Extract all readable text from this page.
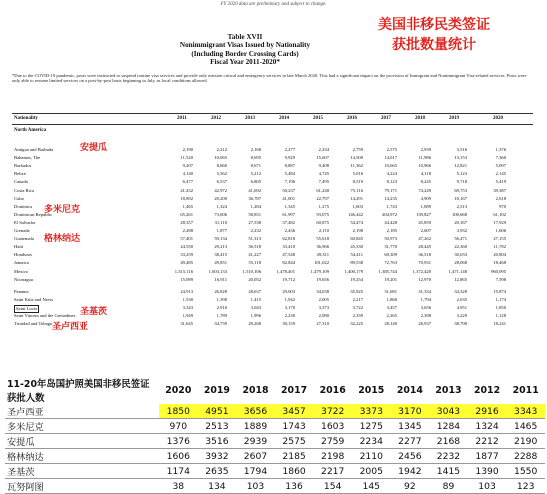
FY 2020 data are preliminary and subject to change.
Table XVII
Nonimmigrant Visas Issued by Nationality
(Including Border Crossing Cards)
Fiscal Year 2011-2020*
美国非移民类签证
获批数量统计
*Due to the COVID-19 pandemic, posts were instructed to suspend routine visa services and provide only mission critical and emergency services in late March 2020. This had a significant impact on the provision of Immigrant and Nonimmigrant Visa-related services. Posts were only able to resume limited services on a post-by-post basis beginning in July, as local conditions allowed.
Nationality	2011	2012	2013	2014	2015	2016	2017	2018	2019	2020
North America
Antigua and Barbuda	2,190	2,212	2,168	2,277	2,234	2,759	2,575	2,939	3,516	1,376
Bahamas, The	11,520	10,065	8,695	9,929	15,607	14,500	14,017	11,986	13,153	7,360
Barbados	9,207	8,660	8,671	8,887	9,408	11,362	10,665	10,966	12,821	5,097
Belize	4,140	5,562	5,212	5,484	4,745	5,016	4,224	4,118	5,123	2,145
Canada	6,477	6,537	6,805	7,196	7,495	8,519	8,123	8,245	9,718	5,419
Costa Rica	41,432	42,972	41,692	50,237	61,248	75,116	79,171	74,249	69,753	39,387
Cuba	18,892	20,200	36,787	41,001	22,797	14,291	14,235	4,909	10,167	2,618
Dominica	1,465	1,324	1,284	1,345	1,275	1,603	1,743	1,889	2,513	970
Dominican Republic	65,261	73,006	58,851	61,997	93,075	146,442	204,972	139,827	100,668	61,102
El Salvador	28,357	31,110	27,538	37,482	60,875	54,474	44,428	45,859	20,167	17,929
Grenada	2,288	1,877	2,232	2,436	2,110	2,198	2,185	2,607	3,932	1,606
Guatemala	57,401	59,134	51,313	62,818	55,618	60,845	50,973	47,262	56,471	27,155
Haiti	24,550	29,213	36,518	33,410	36,966	45,330	31,770	28,445	22,360	11,782
Honduras	33,259	38,415	41,227	47,548	49,311	54,411	60,309	36,518	30,033	20,804
Jamaica	49,485	49,851	55,118	82,844	101,022	89,538	72,763	70,931	28,068	18,468
Mexico	1,315,116	1,603,133	1,510,106	1,478,401	1,479,109	1,400,179	1,385,744	1,372,420	1,471,148	960,095
Nicaragua	15,089	16,911	20,052	19,712	19,656	19,254	19,201	12,970	12,865	7,598
Panama	24,913	26,828	28,637	29,003	34,038	35,925	31,681	31,334	34,328	15,874
Saint Kitts and Nevis	1,530	1,390	1,415	1,942	2,005	2,217	1,860	1,794	2,635	1,174
Saint Lucia	3,343	2,916	3,043	3,170	3,373	3,722	3,457	3,656	4,951	1,850
Saint Vincent and the Grenadines	1,949	1,789	1,996	2,230	2,080	2,339	2,265	2,398	3,229	1,128
Trinidad and Tobago	31,645	34,739	29,268	30,159	27,310	32,225	28,140	26,937	38,798	18,241
安提瓜
多米尼克
格林纳达
圣基茨
圣卢西亚
11-20年岛国护照美国非移民签证获批人数	2020	2019	2018	2017	2016	2015	2014	2013	2012	2011
圣卢西亚	1850	4951	3656	3457	3722	3373	3170	3043	2916	3343
多米尼克	970	2513	1889	1743	1603	1275	1345	1284	1324	1465
安提瓜	1376	3516	2939	2575	2759	2234	2277	2168	2212	2190
格林纳达	1606	3932	2607	2185	2198	2110	2456	2232	1877	2288
圣基茨	1174	2635	1794	1860	2217	2005	1942	1415	1390	1550
瓦努阿图	38	134	103	136	154	145	92	89	103	123
